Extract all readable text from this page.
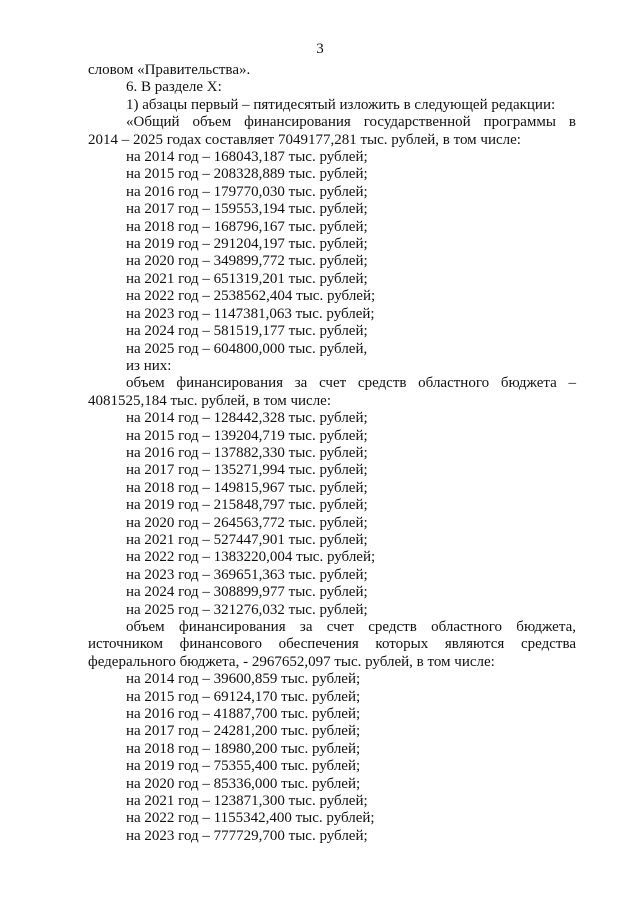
3

словом «Правительства».

6. В разделе X:

1) абзацы первый – пятидесятый изложить в следующей редакции:

«Общий объем финансирования государственной программы в

2014 – 2025 годах составляет 7049177,281 тыс. рублей, в том числе:

на 2014 год – 168043,187 тыс. рублей;

на 2015 год – 208328,889 тыс. рублей;

на 2016 год – 179770,030 тыс. рублей;

на 2017 год – 159553,194 тыс. рублей;

на 2018 год – 168796,167 тыс. рублей;

на 2019 год – 291204,197 тыс. рублей;

на 2020 год – 349899,772 тыс. рублей;

на 2021 год – 651319,201 тыс. рублей;

на 2022 год – 2538562,404 тыс. рублей;

на 2023 год – 1147381,063 тыс. рублей;

на 2024 год – 581519,177 тыс. рублей;

на 2025 год – 604800,000 тыс. рублей,

из них:

объем финансирования за счет средств областного бюджета –

4081525,184 тыс. рублей, в том числе:

на 2014 год – 128442,328 тыс. рублей;

на 2015 год – 139204,719 тыс. рублей;

на 2016 год – 137882,330 тыс. рублей;

на 2017 год – 135271,994 тыс. рублей;

на 2018 год – 149815,967 тыс. рублей;

на 2019 год – 215848,797 тыс. рублей;

на 2020 год – 264563,772 тыс. рублей;

на 2021 год – 527447,901 тыс. рублей;

на 2022 год – 1383220,004 тыс. рублей;

на 2023 год – 369651,363 тыс. рублей;

на 2024 год – 308899,977 тыс. рублей;

на 2025 год – 321276,032 тыс. рублей;

объем финансирования за счет средств областного бюджета,

источником финансового обеспечения которых являются средства

федерального бюджета, - 2967652,097 тыс. рублей, в том числе:

на 2014 год – 39600,859 тыс. рублей;

на 2015 год – 69124,170 тыс. рублей;

на 2016 год – 41887,700 тыс. рублей;

на 2017 год – 24281,200 тыс. рублей;

на 2018 год – 18980,200 тыс. рублей;

на 2019 год – 75355,400 тыс. рублей;

на 2020 год – 85336,000 тыс. рублей;

на 2021 год – 123871,300 тыс. рублей;

на 2022 год – 1155342,400 тыс. рублей;

на 2023 год – 777729,700 тыс. рублей;
